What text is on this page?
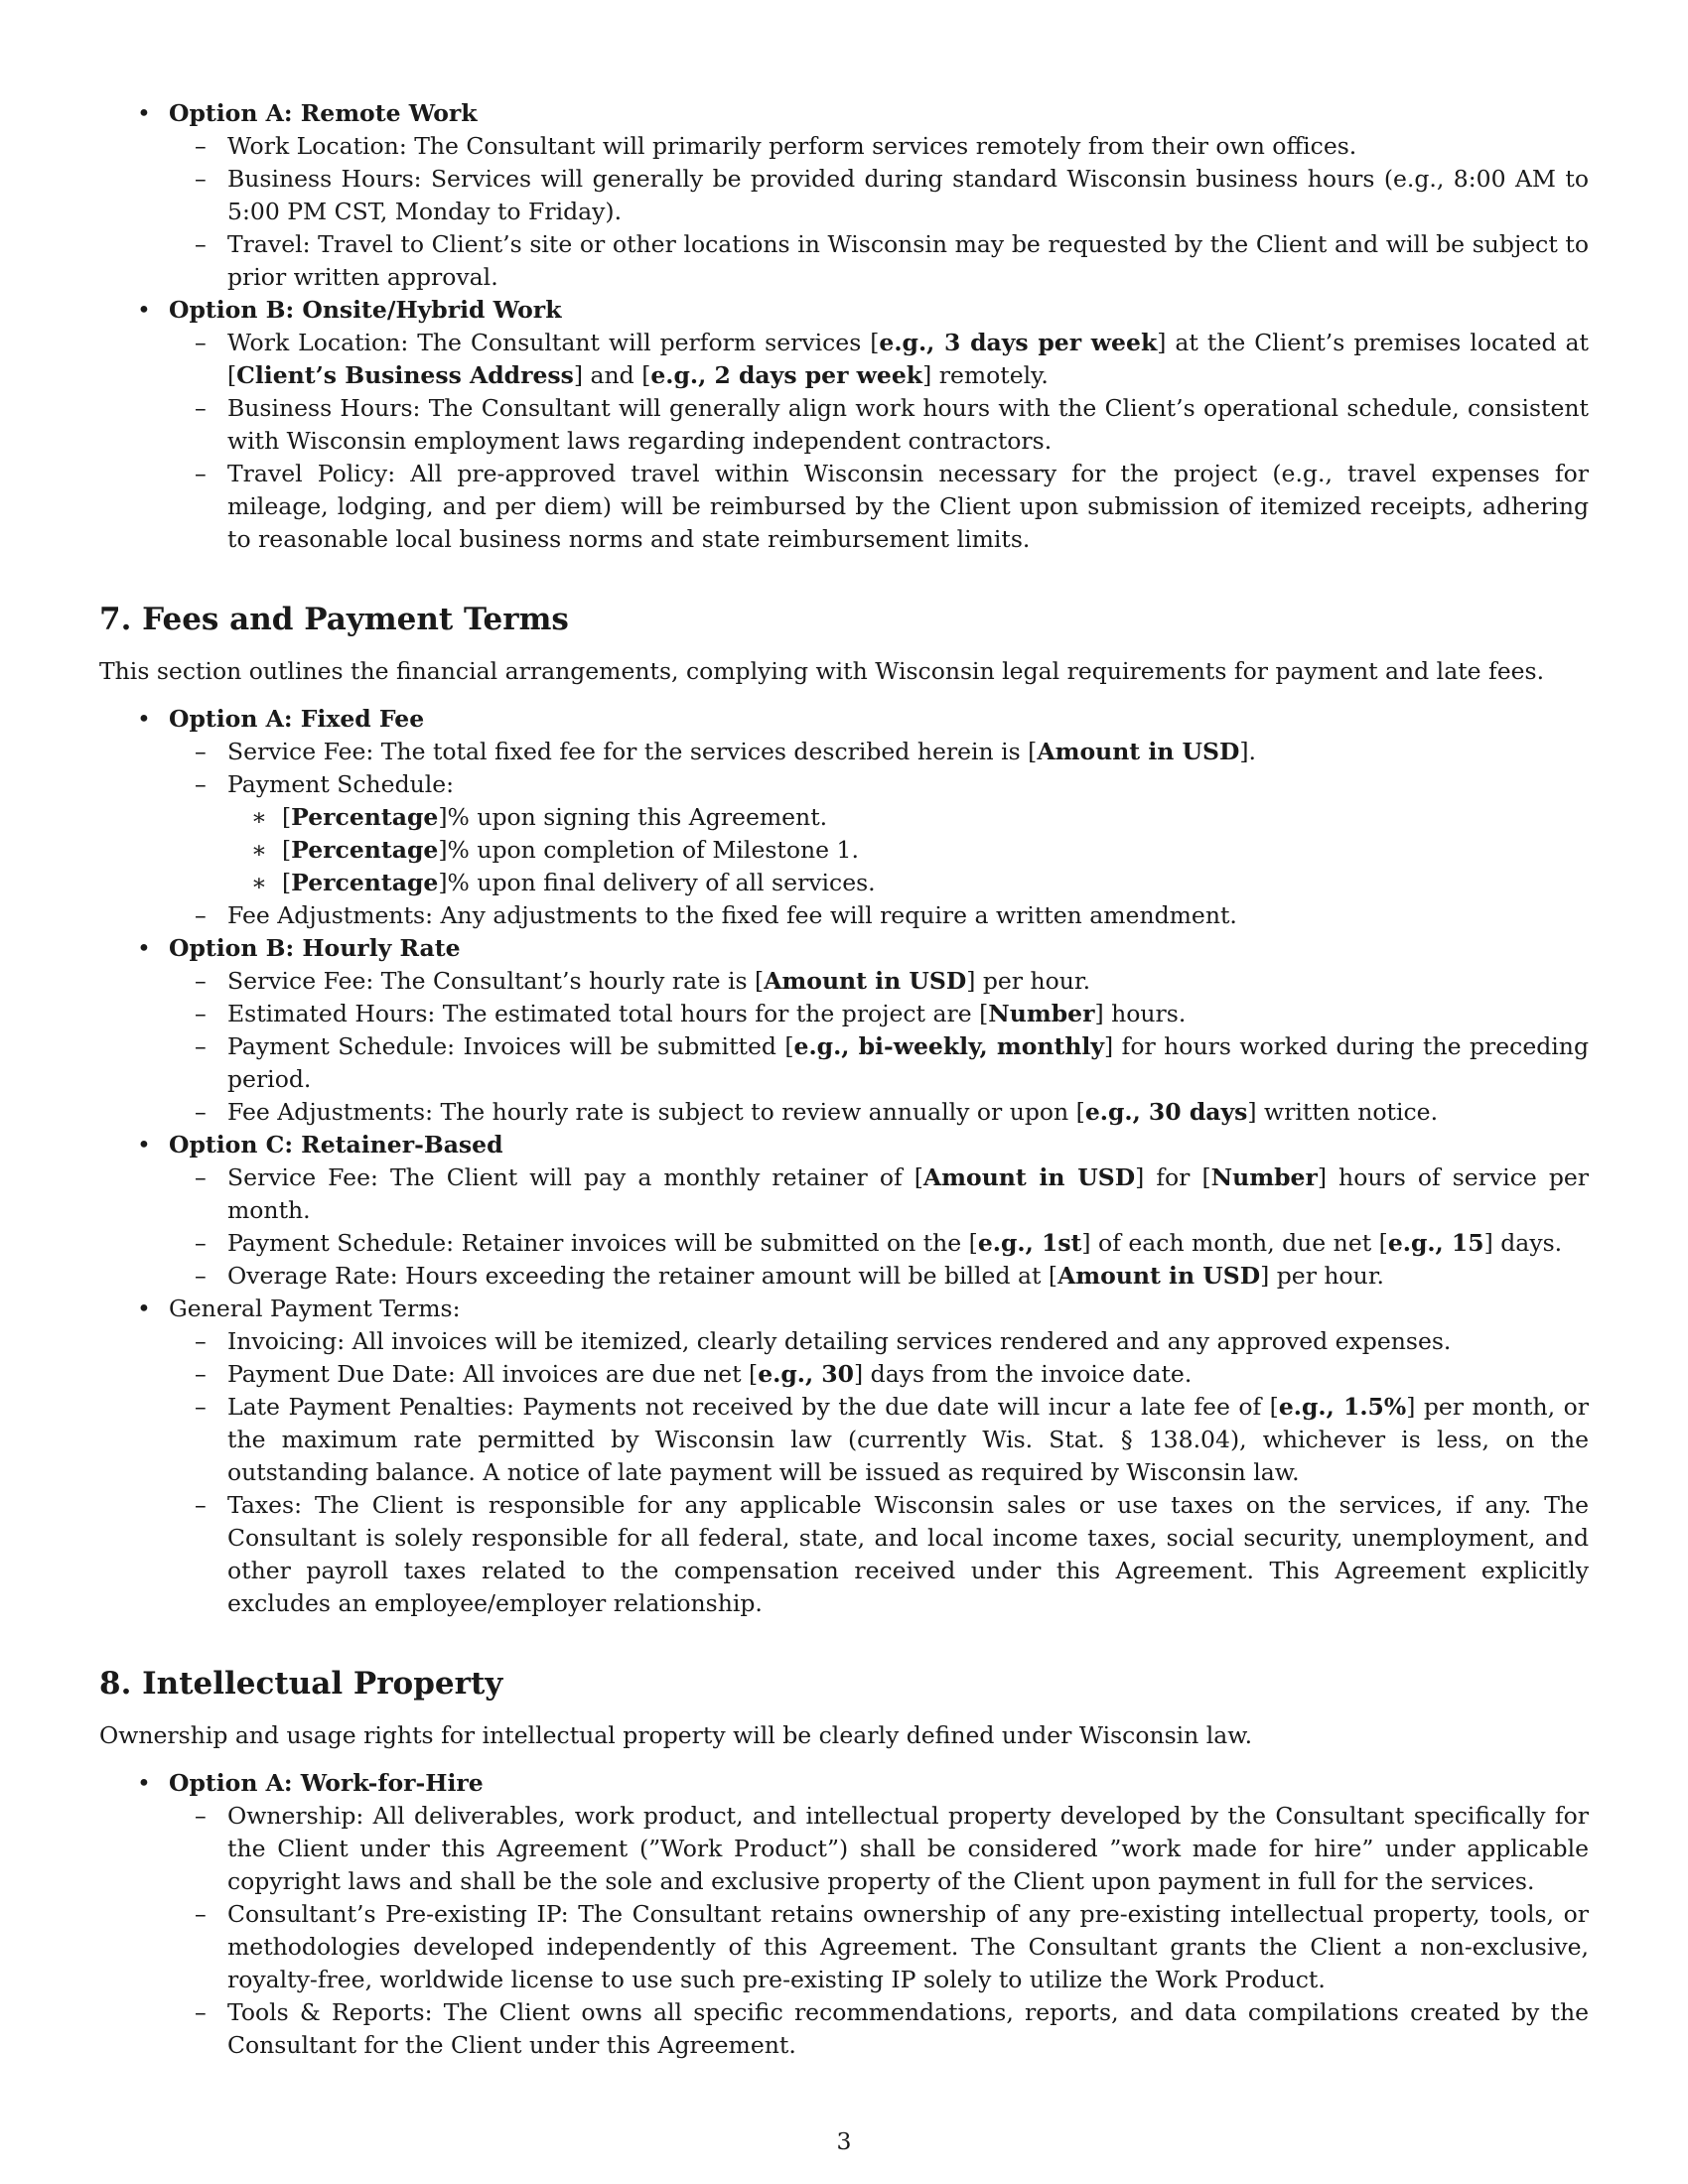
• Option A: Remote Work
– Work Location: The Consultant will primarily perform services remotely from their own offices.
– Business Hours: Services will generally be provided during standard Wisconsin business hours (e.g., 8:00 AM to 5:00 PM CST, Monday to Friday).
– Travel: Travel to Client’s site or other locations in Wisconsin may be requested by the Client and will be subject to prior written approval.
• Option B: Onsite/Hybrid Work
– Work Location: The Consultant will perform services [e.g., 3 days per week] at the Client’s premises located at [Client’s Business Address] and [e.g., 2 days per week] remotely.
– Business Hours: The Consultant will generally align work hours with the Client’s operational schedule, consistent with Wisconsin employment laws regarding independent contractors.
– Travel Policy: All pre-approved travel within Wisconsin necessary for the project (e.g., travel expenses for mileage, lodging, and per diem) will be reimbursed by the Client upon submission of itemized receipts, adhering to reasonable local business norms and state reimbursement limits.
7. Fees and Payment Terms

This section outlines the financial arrangements, complying with Wisconsin legal requirements for payment and late fees.

• Option A: Fixed Fee
– Service Fee: The total fixed fee for the services described herein is [Amount in USD].
– Payment Schedule:
∗ [Percentage]% upon signing this Agreement.
∗ [Percentage]% upon completion of Milestone 1.
∗ [Percentage]% upon final delivery of all services.
– Fee Adjustments: Any adjustments to the fixed fee will require a written amendment.
• Option B: Hourly Rate
– Service Fee: The Consultant’s hourly rate is [Amount in USD] per hour.
– Estimated Hours: The estimated total hours for the project are [Number] hours.
– Payment Schedule: Invoices will be submitted [e.g., bi-weekly, monthly] for hours worked during the preceding period.
– Fee Adjustments: The hourly rate is subject to review annually or upon [e.g., 30 days] written notice.
• Option C: Retainer-Based
– Service Fee: The Client will pay a monthly retainer of [Amount in USD] for [Number] hours of service per month.
– Payment Schedule: Retainer invoices will be submitted on the [e.g., 1st] of each month, due net [e.g., 15] days.
– Overage Rate: Hours exceeding the retainer amount will be billed at [Amount in USD] per hour.
• General Payment Terms:
– Invoicing: All invoices will be itemized, clearly detailing services rendered and any approved expenses.
– Payment Due Date: All invoices are due net [e.g., 30] days from the invoice date.
– Late Payment Penalties: Payments not received by the due date will incur a late fee of [e.g., 1.5%] per month, or the maximum rate permitted by Wisconsin law (currently Wis. Stat. § 138.04), whichever is less, on the outstanding balance. A notice of late payment will be issued as required by Wisconsin law.
– Taxes: The Client is responsible for any applicable Wisconsin sales or use taxes on the services, if any. The Consultant is solely responsible for all federal, state, and local income taxes, social security, unemployment, and other payroll taxes related to the compensation received under this Agreement. This Agreement explicitly excludes an employee/employer relationship.
8. Intellectual Property

Ownership and usage rights for intellectual property will be clearly defined under Wisconsin law.

• Option A: Work-for-Hire
– Ownership: All deliverables, work product, and intellectual property developed by the Consultant specifically for the Client under this Agreement (”Work Product”) shall be considered ”work made for hire” under applicable copyright laws and shall be the sole and exclusive property of the Client upon payment in full for the services.
– Consultant’s Pre-existing IP: The Consultant retains ownership of any pre-existing intellectual property, tools, or methodologies developed independently of this Agreement. The Consultant grants the Client a non-exclusive, royalty-free, worldwide license to use such pre-existing IP solely to utilize the Work Product.
– Tools & Reports: The Client owns all specific recommendations, reports, and data compilations created by the Consultant for the Client under this Agreement.
3
